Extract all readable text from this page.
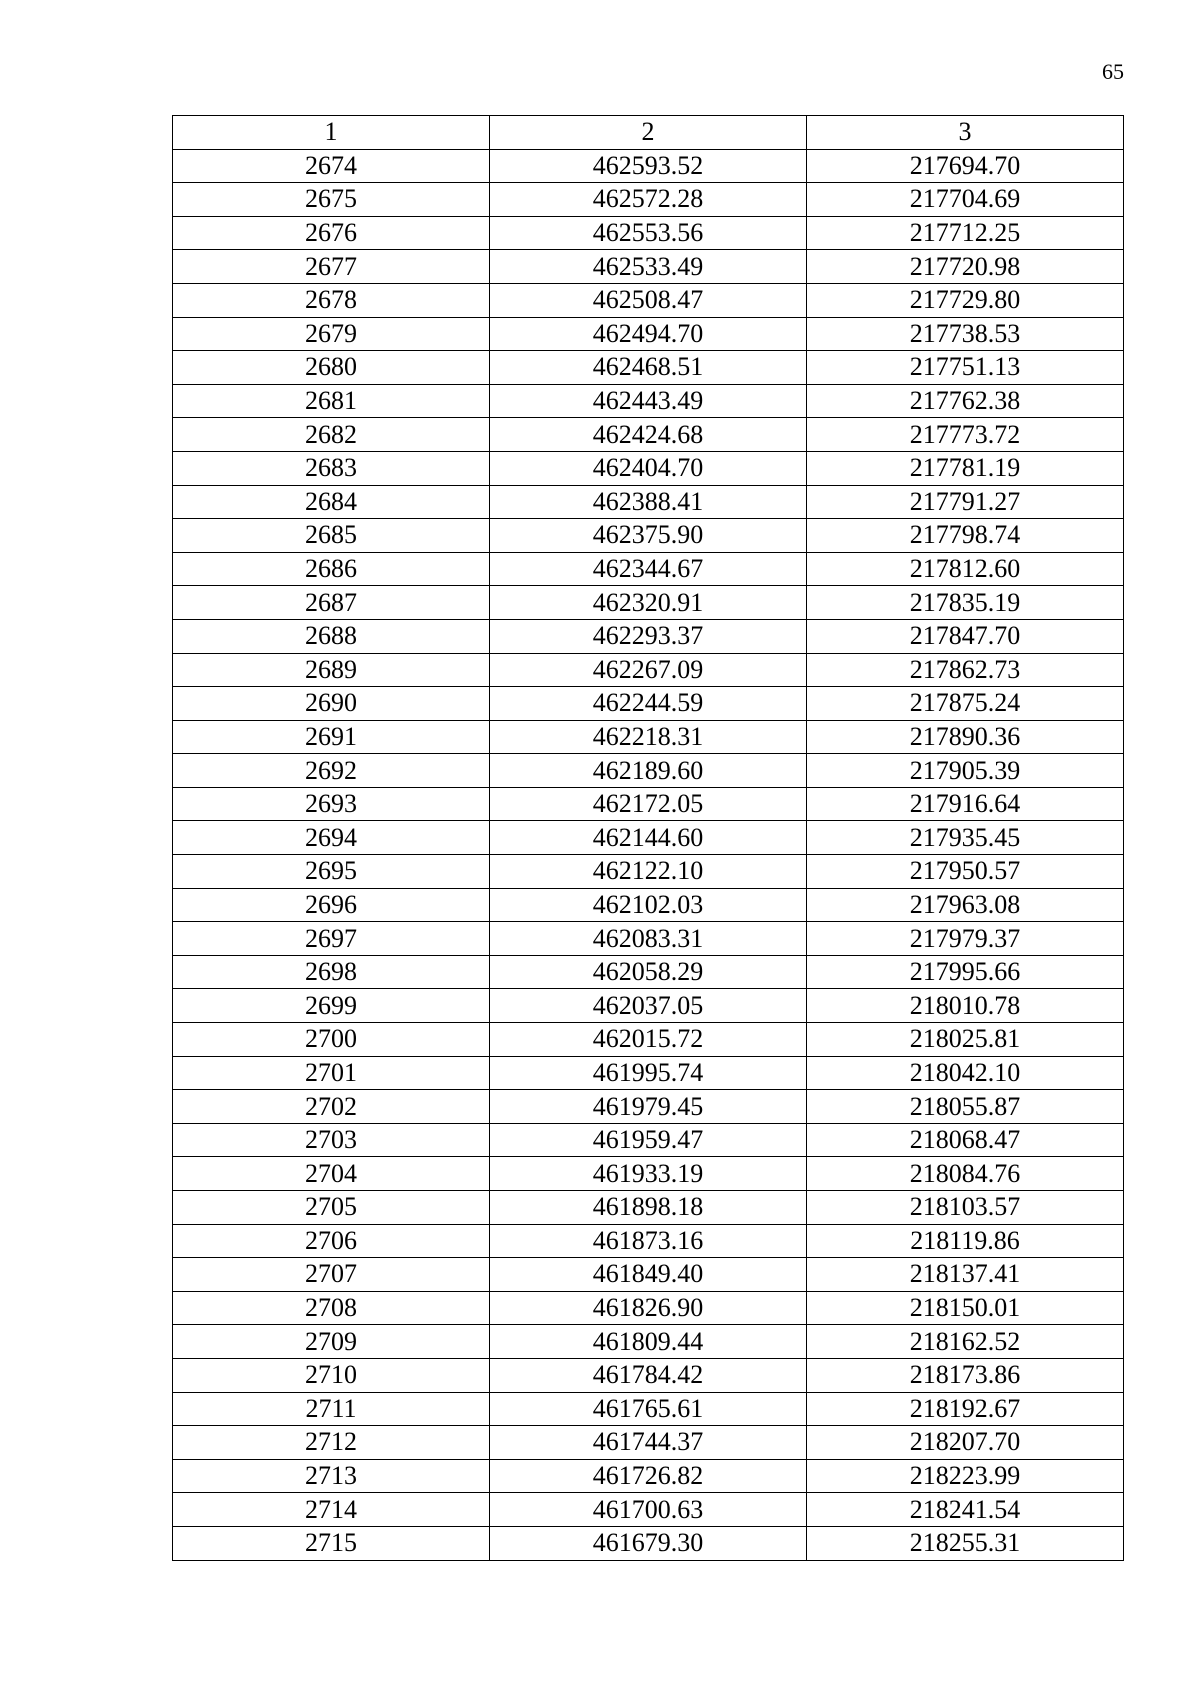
65
1	2	3
2674	462593.52	217694.70
2675	462572.28	217704.69
2676	462553.56	217712.25
2677	462533.49	217720.98
2678	462508.47	217729.80
2679	462494.70	217738.53
2680	462468.51	217751.13
2681	462443.49	217762.38
2682	462424.68	217773.72
2683	462404.70	217781.19
2684	462388.41	217791.27
2685	462375.90	217798.74
2686	462344.67	217812.60
2687	462320.91	217835.19
2688	462293.37	217847.70
2689	462267.09	217862.73
2690	462244.59	217875.24
2691	462218.31	217890.36
2692	462189.60	217905.39
2693	462172.05	217916.64
2694	462144.60	217935.45
2695	462122.10	217950.57
2696	462102.03	217963.08
2697	462083.31	217979.37
2698	462058.29	217995.66
2699	462037.05	218010.78
2700	462015.72	218025.81
2701	461995.74	218042.10
2702	461979.45	218055.87
2703	461959.47	218068.47
2704	461933.19	218084.76
2705	461898.18	218103.57
2706	461873.16	218119.86
2707	461849.40	218137.41
2708	461826.90	218150.01
2709	461809.44	218162.52
2710	461784.42	218173.86
2711	461765.61	218192.67
2712	461744.37	218207.70
2713	461726.82	218223.99
2714	461700.63	218241.54
2715	461679.30	218255.31
